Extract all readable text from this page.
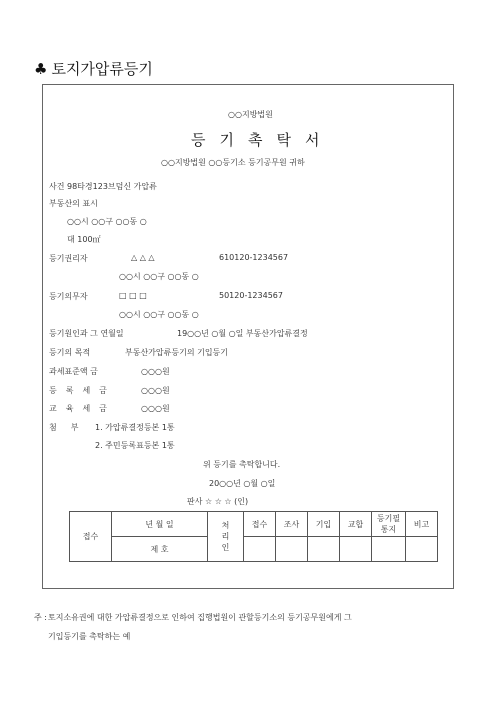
♣ 토지가압류등기
○○지방법원
등기촉탁서
○○지방법원 ○○등기소 등기공무원 귀하
사건 98타경123브덤신 가압류
부동산의 표시
○○시 ○○구 ○○동 ○
대 100㎡
등기권리자	△ △ △	610120-1234567
○○시 ○○구 ○○동 ○
등기의무자	□ □ □	50120-1234567
○○시 ○○구 ○○동 ○
등기원인과 그 연월일	19○○년 ○월 ○일 부동산가압류결정
등기의 목적	부동산가압류등기의 기입등기
과세표준액 금	○○○원
등록세금	○○○원
교육세금	○○○원
첨부 1. 가압류결정등본 1통
2. 주민등록표등본 1통
위 등기를 촉탁합니다.
20○○년 ○월 ○일
판사 ☆ ☆ ☆ (인)
접수	년 월 일	처리인	접수	조사	기입	교합	등기필통지	비고
	제 호							
주 : 토지소유권에 대한 가압류결정으로 인하여 집행법원이 관할등기소의 등기공무원에게 그
기입등기를 촉탁하는 예
